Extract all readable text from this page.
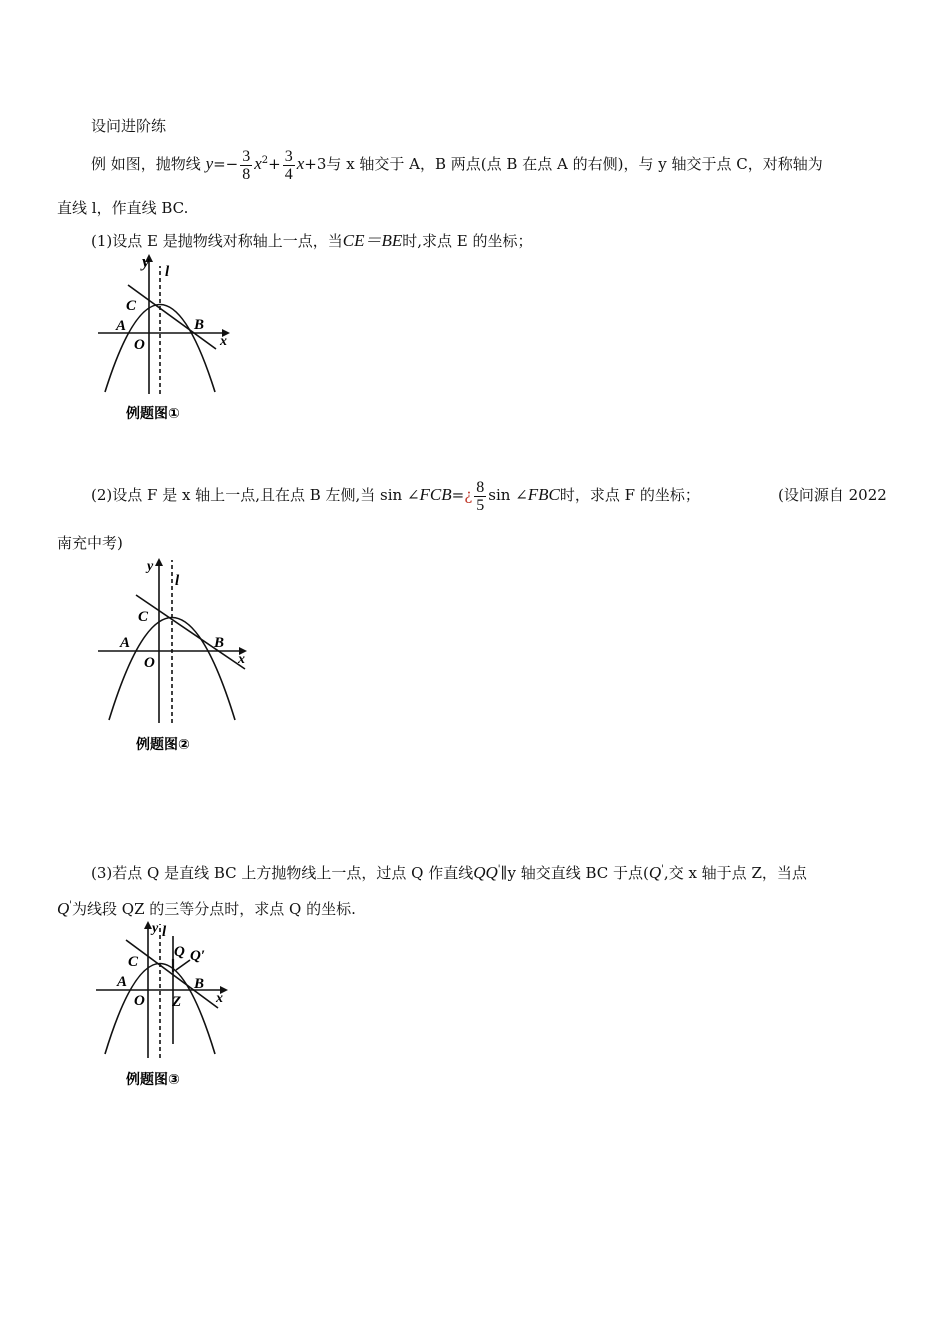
设问进阶练
例 如图，抛物线 $y=- \frac{3}{8} x^2+ \frac{3}{4} x+3$与 x 轴交于 A，B 两点(点 B 在点 A 的右侧)，与 y 轴交于点 C，对称轴为
直线 l，作直线 BC.
(1)设点 E 是抛物线对称轴上一点，当CE＝BE时,求点 E 的坐标；
y
l
C
A	B
O	x
例题图①
(2)设点 F 是 x 轴上一点,且在点 B 左侧,当 sin ∠FCB=¿ $\frac{8}{5}$ sin ∠FBC时，求点 F 的坐标；	(设问源自 2022
南充中考)
y
l
C
A	B
O	x
例题图②
(3)若点 Q 是直线 BC 上方抛物线上一点，过点 Q 作直线QQ'∥y 轴交直线 BC 于点(Q',交 x 轴于点 Z，当点
Q'为线段 QZ 的三等分点时，求点 Q 的坐标.
y l
Q Q′
C
A	B
O Z x
例题图③
